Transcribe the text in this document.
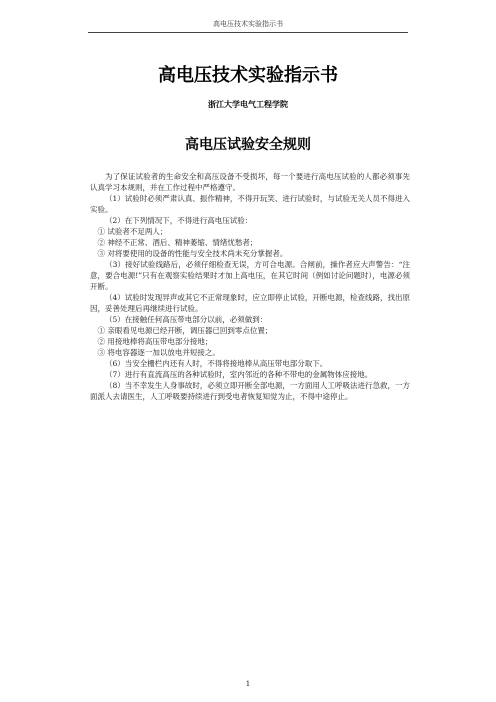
高电压技术实验指示书
高电压技术实验指示书
浙江大学电气工程学院
高电压试验安全规则

为了保证试验者的生命安全和高压设备不受损坏，每一个要进行高电压试验的人都必须事先认真学习本规则，并在工作过程中严格遵守。

（1）试验时必须严肃认真、振作精神，不得开玩笑、进行试验时，与试验无关人员不得进入实验。

（2）在下列情况下，不得进行高电压试验：

① 试验者不足两人；

② 神经不正常、酒后、精神萎缩、情绪忧愁者；

③ 对将要使用的设备的性能与安全技术尚未充分掌握者。

（3）接好试验线路后，必须仔细检查无误，方可合电源。合闸前，操作者应大声警告：“注意，要合电源!”只有在观察实验结果时才加上高电压，在其它时间（例如讨论问题时），电源必须开断。

（4）试验时发现异声或其它不正常现象时，应立即停止试验，开断电源，检查线路，找出原因，妥善处理后再继续进行试验。

（5）在接触任何高压带电部分以前，必须做到：

① 亲眼看见电源已经开断，调压器已回到零点位置；

② 用接地棒将高压带电部分接地；

③ 将电容器逐一加以放电并短接之。

（6）当安全栅栏内还有人时，不得将接地棒从高压带电部分取下。

（7）进行有直流高压的各种试验时，室内邻近的各种不带电的金属物体应接地。

（8）当不幸发生人身事故时，必须立即开断全部电源，一方面用人工呼吸法进行急救，一方面派人去请医生，人工呼吸要持续进行到受电者恢复知觉为止，不得中途停止。

1
